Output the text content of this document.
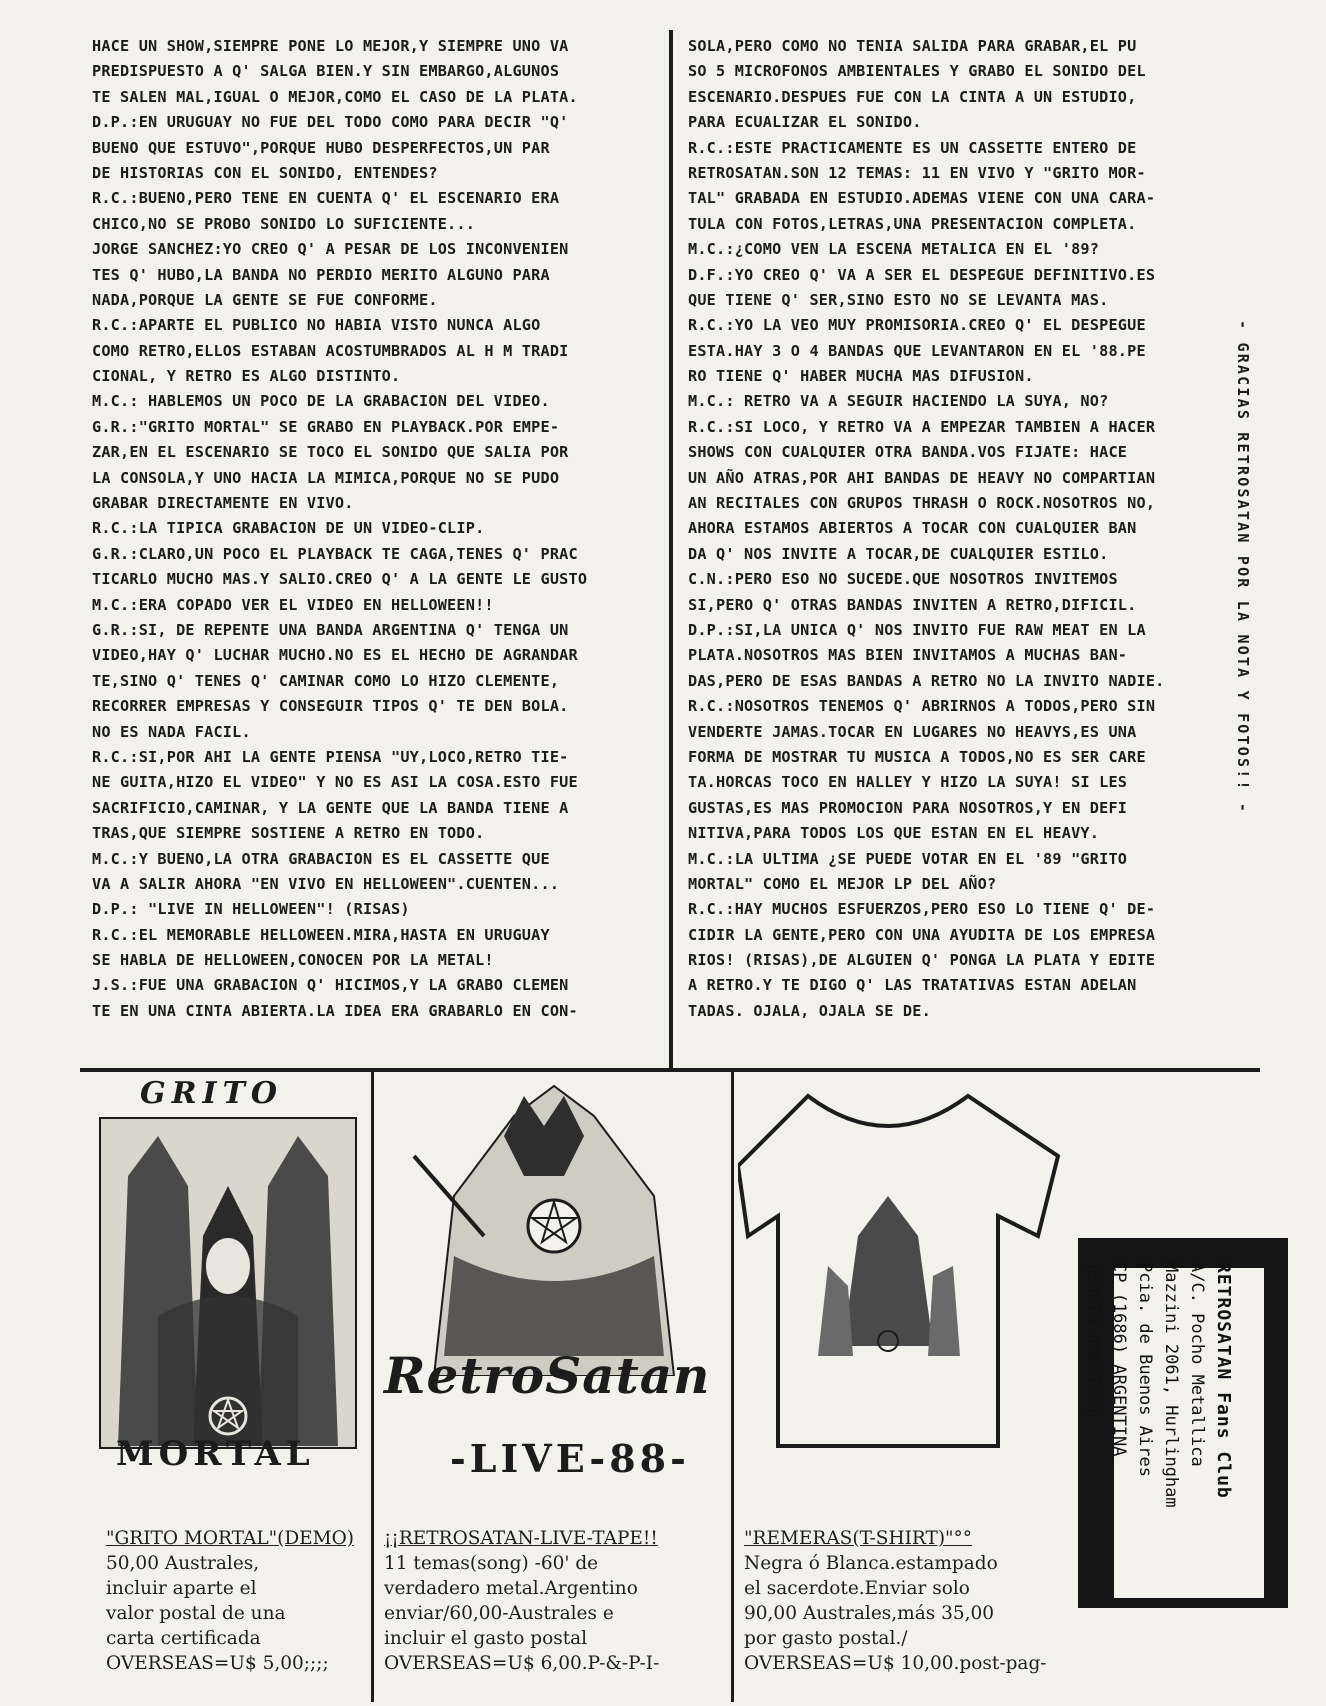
HACE UN SHOW,SIEMPRE PONE LO MEJOR,Y SIEMPRE UNO VA
PREDISPUESTO A Q' SALGA BIEN.Y SIN EMBARGO,ALGUNOS
TE SALEN MAL,IGUAL O MEJOR,COMO EL CASO DE LA PLATA.
D.P.:EN URUGUAY NO FUE DEL TODO COMO PARA DECIR "Q'
BUENO QUE ESTUVO",PORQUE HUBO DESPERFECTOS,UN PAR
DE HISTORIAS CON EL SONIDO, ENTENDES?
R.C.:BUENO,PERO TENE EN CUENTA Q' EL ESCENARIO ERA
CHICO,NO SE PROBO SONIDO LO SUFICIENTE...
JORGE SANCHEZ:YO CREO Q' A PESAR DE LOS INCONVENIEN
TES Q' HUBO,LA BANDA NO PERDIO MERITO ALGUNO PARA
NADA,PORQUE LA GENTE SE FUE CONFORME.
R.C.:APARTE EL PUBLICO NO HABIA VISTO NUNCA ALGO
COMO RETRO,ELLOS ESTABAN ACOSTUMBRADOS AL H M TRADI
CIONAL, Y RETRO ES ALGO DISTINTO.
M.C.: HABLEMOS UN POCO DE LA GRABACION DEL VIDEO.
G.R.:"GRITO MORTAL" SE GRABO EN PLAYBACK.POR EMPE-
ZAR,EN EL ESCENARIO SE TOCO EL SONIDO QUE SALIA POR
LA CONSOLA,Y UNO HACIA LA MIMICA,PORQUE NO SE PUDO
GRABAR DIRECTAMENTE EN VIVO.
R.C.:LA TIPICA GRABACION DE UN VIDEO-CLIP.
G.R.:CLARO,UN POCO EL PLAYBACK TE CAGA,TENES Q' PRAC
TICARLO MUCHO MAS.Y SALIO.CREO Q' A LA GENTE LE GUSTO
M.C.:ERA COPADO VER EL VIDEO EN HELLOWEEN!!
G.R.:SI, DE REPENTE UNA BANDA ARGENTINA Q' TENGA UN
VIDEO,HAY Q' LUCHAR MUCHO.NO ES EL HECHO DE AGRANDAR
TE,SINO Q' TENES Q' CAMINAR COMO LO HIZO CLEMENTE,
RECORRER EMPRESAS Y CONSEGUIR TIPOS Q' TE DEN BOLA.
NO ES NADA FACIL.
R.C.:SI,POR AHI LA GENTE PIENSA "UY,LOCO,RETRO TIE-
NE GUITA,HIZO EL VIDEO" Y NO ES ASI LA COSA.ESTO FUE
SACRIFICIO,CAMINAR, Y LA GENTE QUE LA BANDA TIENE A
TRAS,QUE SIEMPRE SOSTIENE A RETRO EN TODO.
M.C.:Y BUENO,LA OTRA GRABACION ES EL CASSETTE QUE
VA A SALIR AHORA "EN VIVO EN HELLOWEEN".CUENTEN...
D.P.: "LIVE IN HELLOWEEN"! (RISAS)
R.C.:EL MEMORABLE HELLOWEEN.MIRA,HASTA EN URUGUAY
SE HABLA DE HELLOWEEN,CONOCEN POR LA METAL!
J.S.:FUE UNA GRABACION Q' HICIMOS,Y LA GRABO CLEMEN
TE EN UNA CINTA ABIERTA.LA IDEA ERA GRABARLO EN CON-
SOLA,PERO COMO NO TENIA SALIDA PARA GRABAR,EL PU
SO 5 MICROFONOS AMBIENTALES Y GRABO EL SONIDO DEL
ESCENARIO.DESPUES FUE CON LA CINTA A UN ESTUDIO,
PARA ECUALIZAR EL SONIDO.
R.C.:ESTE PRACTICAMENTE ES UN CASSETTE ENTERO DE
RETROSATAN.SON 12 TEMAS: 11 EN VIVO Y "GRITO MOR-
TAL" GRABADA EN ESTUDIO.ADEMAS VIENE CON UNA CARA-
TULA CON FOTOS,LETRAS,UNA PRESENTACION COMPLETA.
M.C.:¿COMO VEN LA ESCENA METALICA EN EL '89?
D.F.:YO CREO Q' VA A SER EL DESPEGUE DEFINITIVO.ES
QUE TIENE Q' SER,SINO ESTO NO SE LEVANTA MAS.
R.C.:YO LA VEO MUY PROMISORIA.CREO Q' EL DESPEGUE
ESTA.HAY 3 O 4 BANDAS QUE LEVANTARON EN EL '88.PE
RO TIENE Q' HABER MUCHA MAS DIFUSION.
M.C.: RETRO VA A SEGUIR HACIENDO LA SUYA, NO?
R.C.:SI LOCO, Y RETRO VA A EMPEZAR TAMBIEN A HACER
SHOWS CON CUALQUIER OTRA BANDA.VOS FIJATE: HACE
UN AÑO ATRAS,POR AHI BANDAS DE HEAVY NO COMPARTIAN
AN RECITALES CON GRUPOS THRASH O ROCK.NOSOTROS NO,
AHORA ESTAMOS ABIERTOS A TOCAR CON CUALQUIER BAN
DA Q' NOS INVITE A TOCAR,DE CUALQUIER ESTILO.
C.N.:PERO ESO NO SUCEDE.QUE NOSOTROS INVITEMOS
SI,PERO Q' OTRAS BANDAS INVITEN A RETRO,DIFICIL.
D.P.:SI,LA UNICA Q' NOS INVITO FUE RAW MEAT EN LA
PLATA.NOSOTROS MAS BIEN INVITAMOS A MUCHAS BAN-
DAS,PERO DE ESAS BANDAS A RETRO NO LA INVITO NADIE.
R.C.:NOSOTROS TENEMOS Q' ABRIRNOS A TODOS,PERO SIN
VENDERTE JAMAS.TOCAR EN LUGARES NO HEAVYS,ES UNA
FORMA DE MOSTRAR TU MUSICA A TODOS,NO ES SER CARE
TA.HORCAS TOCO EN HALLEY Y HIZO LA SUYA! SI LES
GUSTAS,ES MAS PROMOCION PARA NOSOTROS,Y EN DEFI
NITIVA,PARA TODOS LOS QUE ESTAN EN EL HEAVY.
M.C.:LA ULTIMA ¿SE PUEDE VOTAR EN EL '89 "GRITO
MORTAL" COMO EL MEJOR LP DEL AÑO?
R.C.:HAY MUCHOS ESFUERZOS,PERO ESO LO TIENE Q' DE-
CIDIR LA GENTE,PERO CON UNA AYUDITA DE LOS EMPRESA
RIOS! (RISAS),DE ALGUIEN Q' PONGA LA PLATA Y EDITE
A RETRO.Y TE DIGO Q' LAS TRATATIVAS ESTAN ADELAN
TADAS. OJALA, OJALA SE DE.
- GRACIAS RETROSATAN POR LA NOTA Y FOTOS!! -
GRITO
MORTAL
"GRITO MORTAL"(DEMO)
50,00 Australes,
incluir aparte el
valor postal de una
carta certificada
OVERSEAS=U$ 5,00;;;;
RetroSatan
-LIVE-88-
¡¡RETROSATAN-LIVE-TAPE!!
11 temas(song) -60' de
verdadero metal.Argentino
enviar/60,00-Australes e
incluir el gasto postal
OVERSEAS=U$ 6,00.P-&-P-I-
"REMERAS(T-SHIRT)"°°
Negra ó Blanca.estampado
el sacerdote.Enviar solo
90,00 Australes,más 35,00
por gasto postal./
OVERSEAS=U$ 10,00.post-pag-
RETROSATAN Fans Club
A/C. Pocho Metallica
Mazzini 2061, Hurlingham
Pcia. de Buenos Aires
CP (1686) ARGENTINA
(SOUTH AMERICA)
